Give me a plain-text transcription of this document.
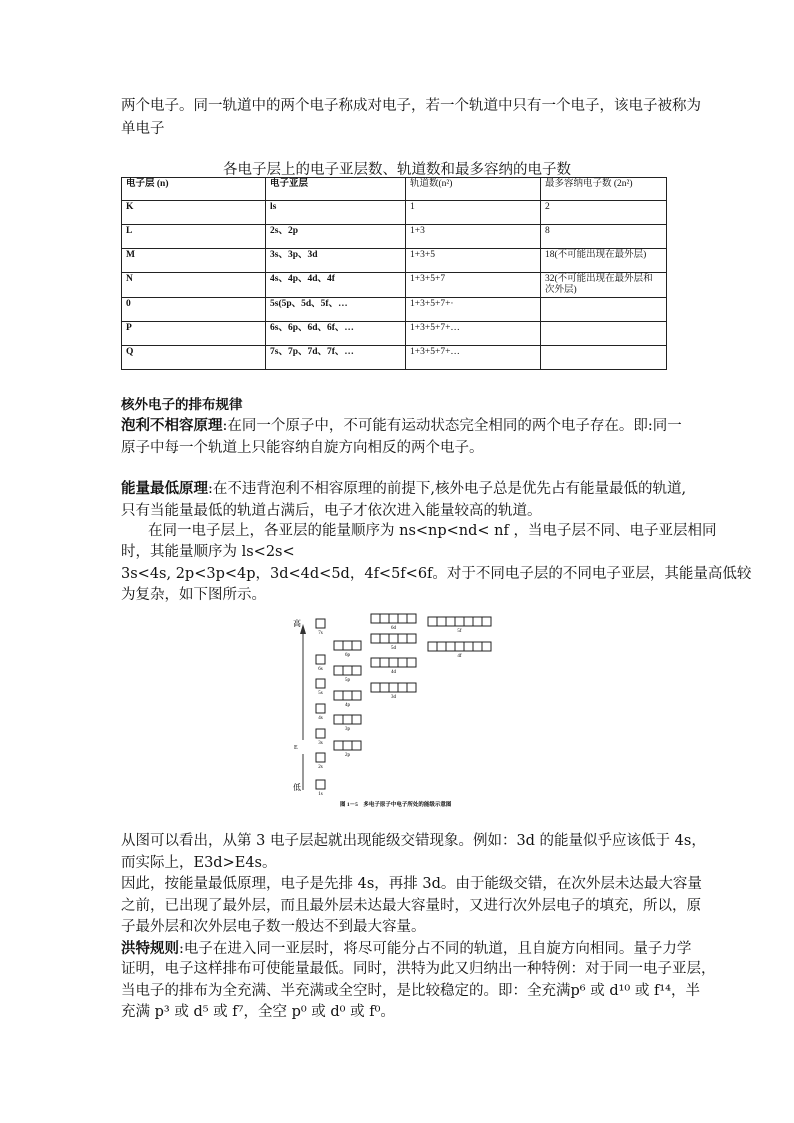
两个电子。同一轨道中的两个电子称成对电子，若一个轨道中只有一个电子，该电子被称为
单电子
各电子层上的电子亚层数、轨道数和最多容纳的电子数
电子层 (n)	电子亚层	轨道数(n²)	最多容纳电子数 (2n²)
K	ls	1	2
L	2s、2p	1+3	8
M	3s、3p、3d	1+3+5	18(不可能出现在最外层)
N	4s、4p、4d、4f	1+3+5+7	32(不可能出现在最外层和次外层)
0	5s(5p、5d、5f、…	1+3+5+7+·	
P	6s、6p、6d、6f、…	1+3+5+7+…	
Q	7s、7p、7d、7f、…	1+3+5+7+…	
核外电子的排布规律
泡利不相容原理:在同一个原子中，不可能有运动状态完全相同的两个电子存在。即:同一
原子中每一个轨道上只能容纳自旋方向相反的两个电子。
能量最低原理:在不违背泡利不相容原理的前提下,核外电子总是优先占有能量最低的轨道,
只有当能量最低的轨道占满后，电子才依次进入能量较高的轨道。
在同一电子层上，各亚层的能量顺序为 ns<np<nd< nf ，当电子层不同、电子亚层相同
时，其能量顺序为 ls<2s<
3s<4s, 2p<3p<4p，3d<4d<5d，4f<5f<6f。对于不同电子层的不同电子亚层，其能量高低较
为复杂，如下图所示。
高
低
E
1s
2s
2p
3s
3p
4s
4p
3d
5s
5p
4d
6s
6p
5d
4f
7s
6d
5f
图 1－5　多电子原子中电子所处的能级示意图
从图可以看出，从第 3 电子层起就出现能级交错现象。例如：3d 的能量似乎应该低于 4s，
而实际上，E3d>E4s。
因此，按能量最低原理，电子是先排 4s，再排 3d。由于能级交错，在次外层未达最大容量
之前，已出现了最外层，而且最外层未达最大容量时，又进行次外层电子的填充，所以，原
子最外层和次外层电子数一般达不到最大容量。
洪特规则:电子在进入同一亚层时，将尽可能分占不同的轨道，且自旋方向相同。量子力学
证明，电子这样排布可使能量最低。同时，洪特为此又归纳出一种特例：对于同一电子亚层，
当电子的排布为全充满、半充满或全空时，是比较稳定的。即：全充满p⁶ 或 d¹⁰ 或 f¹⁴，半
充满 p³ 或 d⁵ 或 f⁷，全空 p⁰ 或 d⁰ 或 f⁰。
